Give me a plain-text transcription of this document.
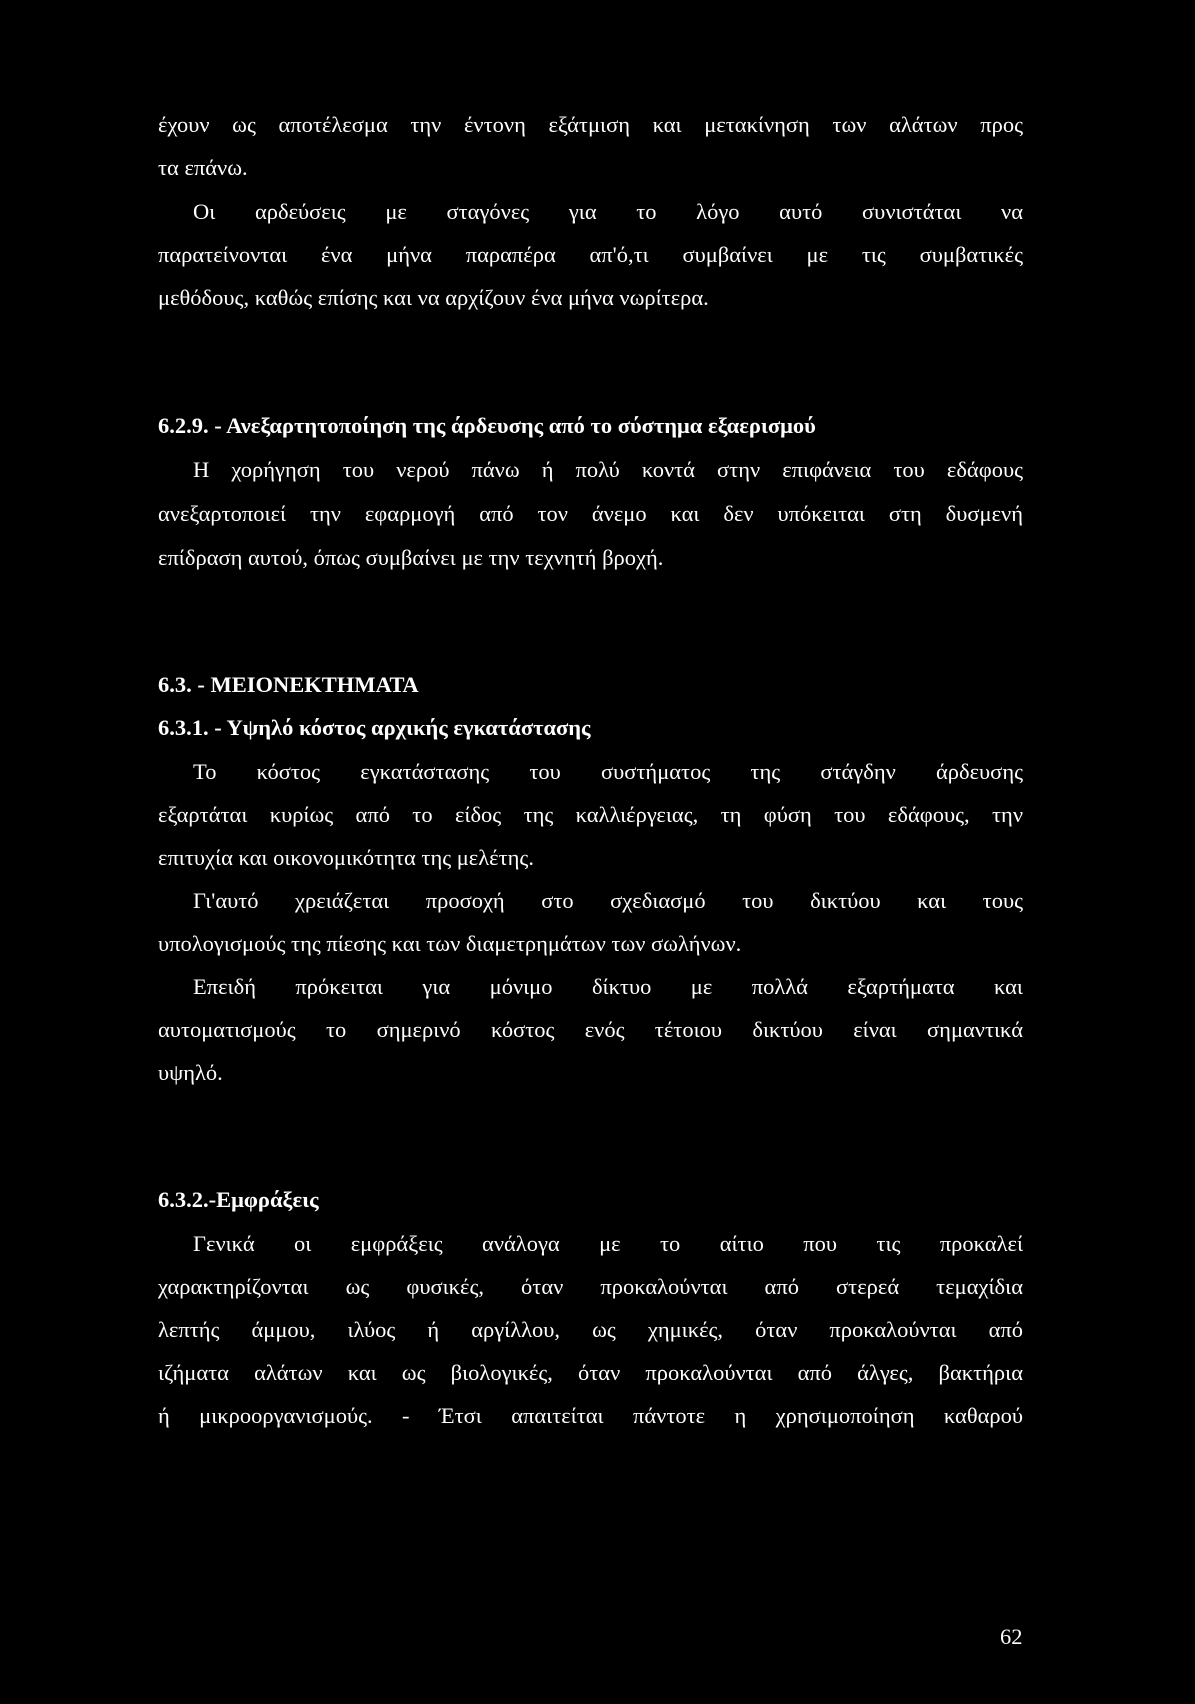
έχουν ως αποτέλεσμα την έντονη εξάτμιση και μετακίνηση των αλάτων προς
τα επάνω.
Οι αρδεύσεις με σταγόνες για το λόγο αυτό συνιστάται να
παρατείνονται ένα μήνα παραπέρα απ'ό,τι συμβαίνει με τις συμβατικές
μεθόδους, καθώς επίσης και να αρχίζουν ένα μήνα νωρίτερα.
6.2.9. - Ανεξαρτητοποίηση της άρδευσης από το σύστημα εξαερισμού
Η χορήγηση του νερού πάνω ή πολύ κοντά στην επιφάνεια του εδάφους
ανεξαρτοποιεί την εφαρμογή από τον άνεμο και δεν υπόκειται στη δυσμενή
επίδραση αυτού, όπως συμβαίνει με την τεχνητή βροχή.
6.3. - ΜΕΙΟΝΕΚΤΗΜΑΤΑ
6.3.1. - Υψηλό κόστος αρχικής εγκατάστασης
Το κόστος εγκατάστασης του συστήματος της στάγδην άρδευσης
εξαρτάται κυρίως από το είδος της καλλιέργειας, τη φύση του εδάφους, την
επιτυχία και οικονομικότητα της μελέτης.
Γι'αυτό χρειάζεται προσοχή στο σχεδιασμό του δικτύου και τους
υπολογισμούς της πίεσης και των διαμετρημάτων των σωλήνων.
Επειδή πρόκειται για μόνιμο δίκτυο με πολλά εξαρτήματα και
αυτοματισμούς το σημερινό κόστος ενός τέτοιου δικτύου είναι σημαντικά
υψηλό.
6.3.2.-Εμφράξεις
Γενικά οι εμφράξεις ανάλογα με το αίτιο που τις προκαλεί
χαρακτηρίζονται ως φυσικές, όταν προκαλούνται από στερεά τεμαχίδια
λεπτής άμμου, ιλύος ή αργίλλου, ως χημικές, όταν προκαλούνται από
ιζήματα αλάτων και ως βιολογικές, όταν προκαλούνται από άλγες, βακτήρια
ή μικροοργανισμούς. - Έτσι απαιτείται πάντοτε η χρησιμοποίηση καθαρού
62
